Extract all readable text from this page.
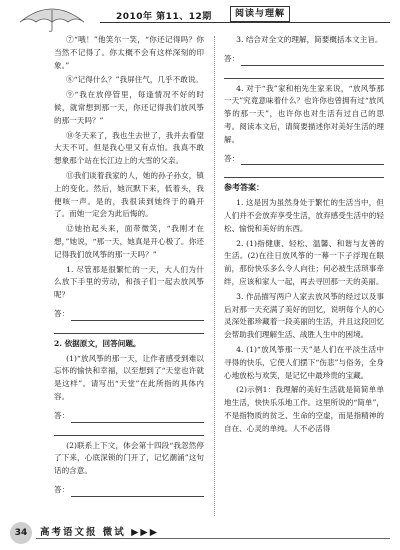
2010年 第11、12期	阅读与理解

⑦“哦！”他笑尔一笑，“你还记得吗？你当然不记得了。你太概不会有这样深刻的印象。”

⑧“记得什么？”我屏住气，几乎不敢说。

⑨“我在放停管里，每逢情况不好的时候，就常想到那一天，你还记得我们放风筝的那一天吗？”

⑩冬天来了，我也生去世了，我并去看望大天不可。但是我心里又有点怕。我真不敢想象那个站在长江边上的大雪的父亲。

⑪我们谈着我家的人，她的孙子孙女，镇上的变化。然后，她沉默下来，低着头，我便咳一声。是的，我很读到她终于的确开了。而她一定会为此后悔的。

⑫她抬起头来，面带微笑，“我刚才在想，”她说，“那一天，她真是开心极了。你还记得我们放风筝的那一天吗？”

1. 尽管那是很繁忙的一天，大人们为什么放下手里的劳动，和孩子们一起去放风筝呢？

答：

2. 依据原文，回答问题。

(1)“放风筝的那一天，让作者感受到难以忘怀的愉快和幸福，以至想到了“天堂也许就是这样”。请写出“天堂”在此所指的具体内容。

答：

(2)联系上下文，体会第十四段“我忽然停了下来，心底深锁的门开了，记忆潮涌”这句话的含意。

答：

3. 结合对全文的理解，简要概括本文主旨。

答：

4. 对于“我”家和柏先生家来说，“放风筝那一天”究竟意味着什么？也许你也曾拥有过“放风筝的那一天”，也许你也对生活有过自己的思考。阅读本文后，请简要描述你对美好生活的理解。

答：

参考答案：

1. 这是因为虽然身处于繁忙的生活当中，但人们并不会放弃享受生活，放弃感受生活中的轻松、愉悦和美好的东西。

2. (1)指健康、轻松、温馨、和谐与友善的生活。(2)在往日放风筝的一幕一下子浮现在眼前，那份快乐多么令人向往；何必被生活琐事牵绊，应该和家人一起，再去寻回那一天的美丽。

3. 作品描写两户人家去放风筝的经过以及事后对那一天充满了美好的回忆，说明每个人的心灵深处都珍藏着一段美丽的生活，并且这段回忆会帮助我们理解生活、战胜人生中的困境。

4. (1)“放风筝那一天”是人们在平淡生活中寻得的快乐，它使人们摆下“伤悲”与俗务，全身心地放松与欢笑，是记忆中最珍贵的宝藏。

(2)示例1：我理解的美好生活就是简简单单地生活，快快乐乐地工作。这里所说的“简单”，不是指物质的贫乏、生命的空虚，而是指精神的自在、心灵的单纯。人不必活得

34	高考语文报 微试 ▶▶▶
